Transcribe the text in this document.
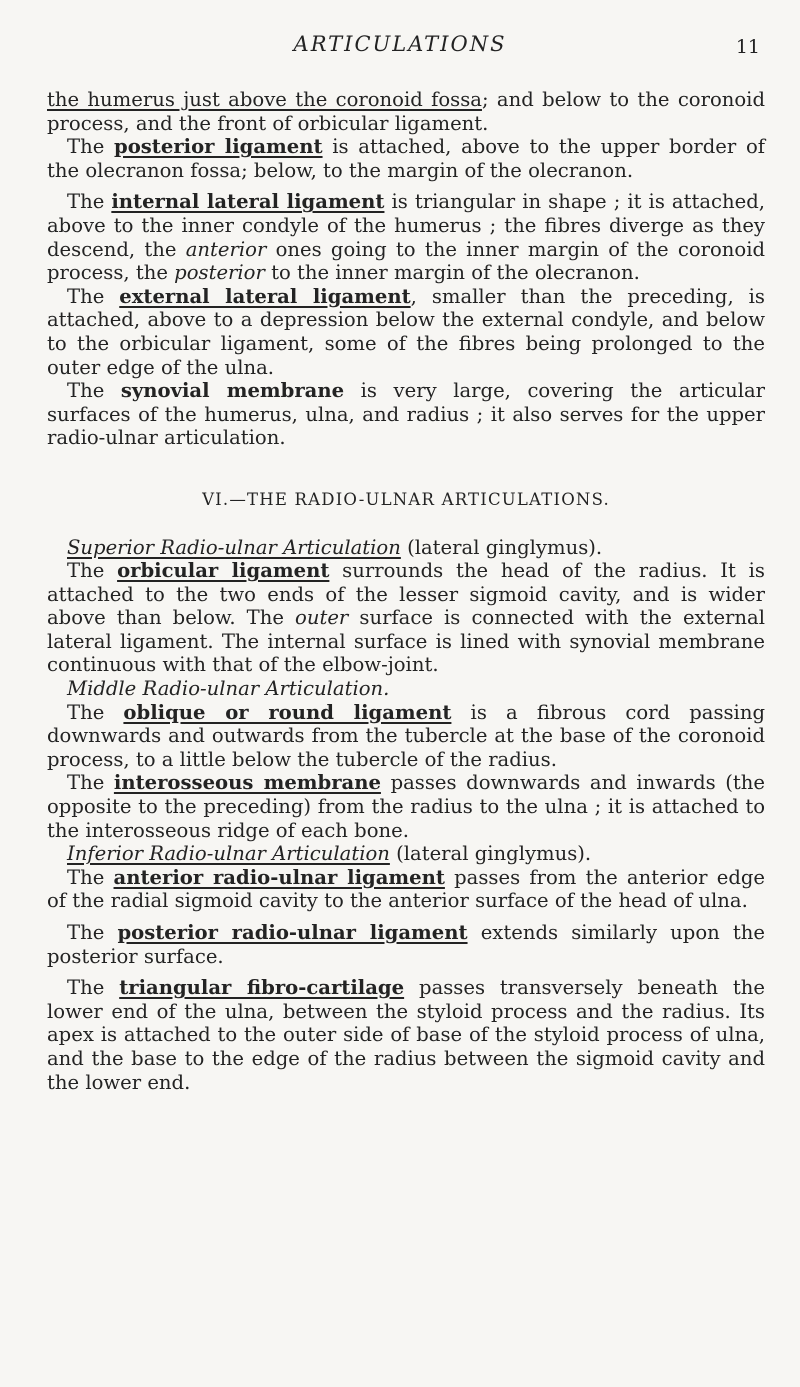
ARTICULATIONS	11

the humerus just above the coronoid fossa; and below to the coronoid process, and the front of orbicular ligament.

The posterior ligament is attached, above to the upper border of the olecranon fossa; below, to the margin of the olecranon.

The internal lateral ligament is triangular in shape ; it is attached, above to the inner condyle of the humerus ; the fibres diverge as they descend, the anterior ones going to the inner margin of the coronoid process, the posterior to the inner margin of the olecranon.

The external lateral ligament, smaller than the preceding, is attached, above to a depression below the external condyle, and below to the orbicular ligament, some of the fibres being prolonged to the outer edge of the ulna.

The synovial membrane is very large, covering the articular surfaces of the humerus, ulna, and radius ; it also serves for the upper radio-ulnar articulation.

VI.—THE RADIO-ULNAR ARTICULATIONS.

Superior Radio-ulnar Articulation (lateral ginglymus).

The orbicular ligament surrounds the head of the radius. It is attached to the two ends of the lesser sigmoid cavity, and is wider above than below. The outer surface is connected with the external lateral ligament. The internal surface is lined with synovial membrane continuous with that of the elbow-joint.

Middle Radio-ulnar Articulation.

The oblique or round ligament is a fibrous cord passing downwards and outwards from the tubercle at the base of the coronoid process, to a little below the tubercle of the radius.

The interosseous membrane passes downwards and inwards (the opposite to the preceding) from the radius to the ulna ; it is attached to the interosseous ridge of each bone.

Inferior Radio-ulnar Articulation (lateral ginglymus).

The anterior radio-ulnar ligament passes from the anterior edge of the radial sigmoid cavity to the anterior surface of the head of ulna.

The posterior radio-ulnar ligament extends similarly upon the posterior surface.

The triangular fibro-cartilage passes transversely beneath the lower end of the ulna, between the styloid process and the radius. Its apex is attached to the outer side of base of the styloid process of ulna, and the base to the edge of the radius between the sigmoid cavity and the lower end.
